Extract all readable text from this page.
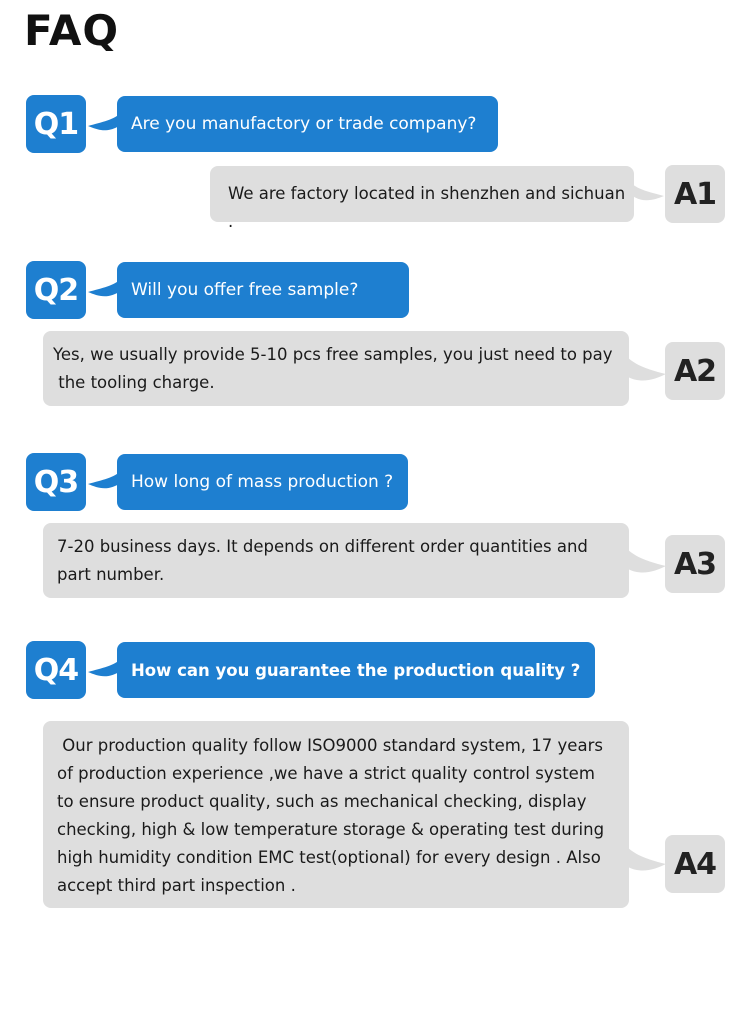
FAQ
Q1	Are you manufactory or trade company?
We are factory located in shenzhen and sichuan .
A1
Q2	Will you offer free sample?
Yes, we usually provide 5-10 pcs free samples, you just need to pay
the tooling charge.	A2
Q3	How long of mass production ?
7-20 business days. It depends on different order quantities and
part number.	A3
Q4	How can you guarantee the production quality ?
Our production quality follow ISO9000 standard system, 17 years
of production experience ,we have a strict quality control system
to ensure product quality, such as mechanical checking, display
checking, high & low temperature storage & operating test during
high humidity condition EMC test(optional) for every design . Also
accept third part inspection .
A4
